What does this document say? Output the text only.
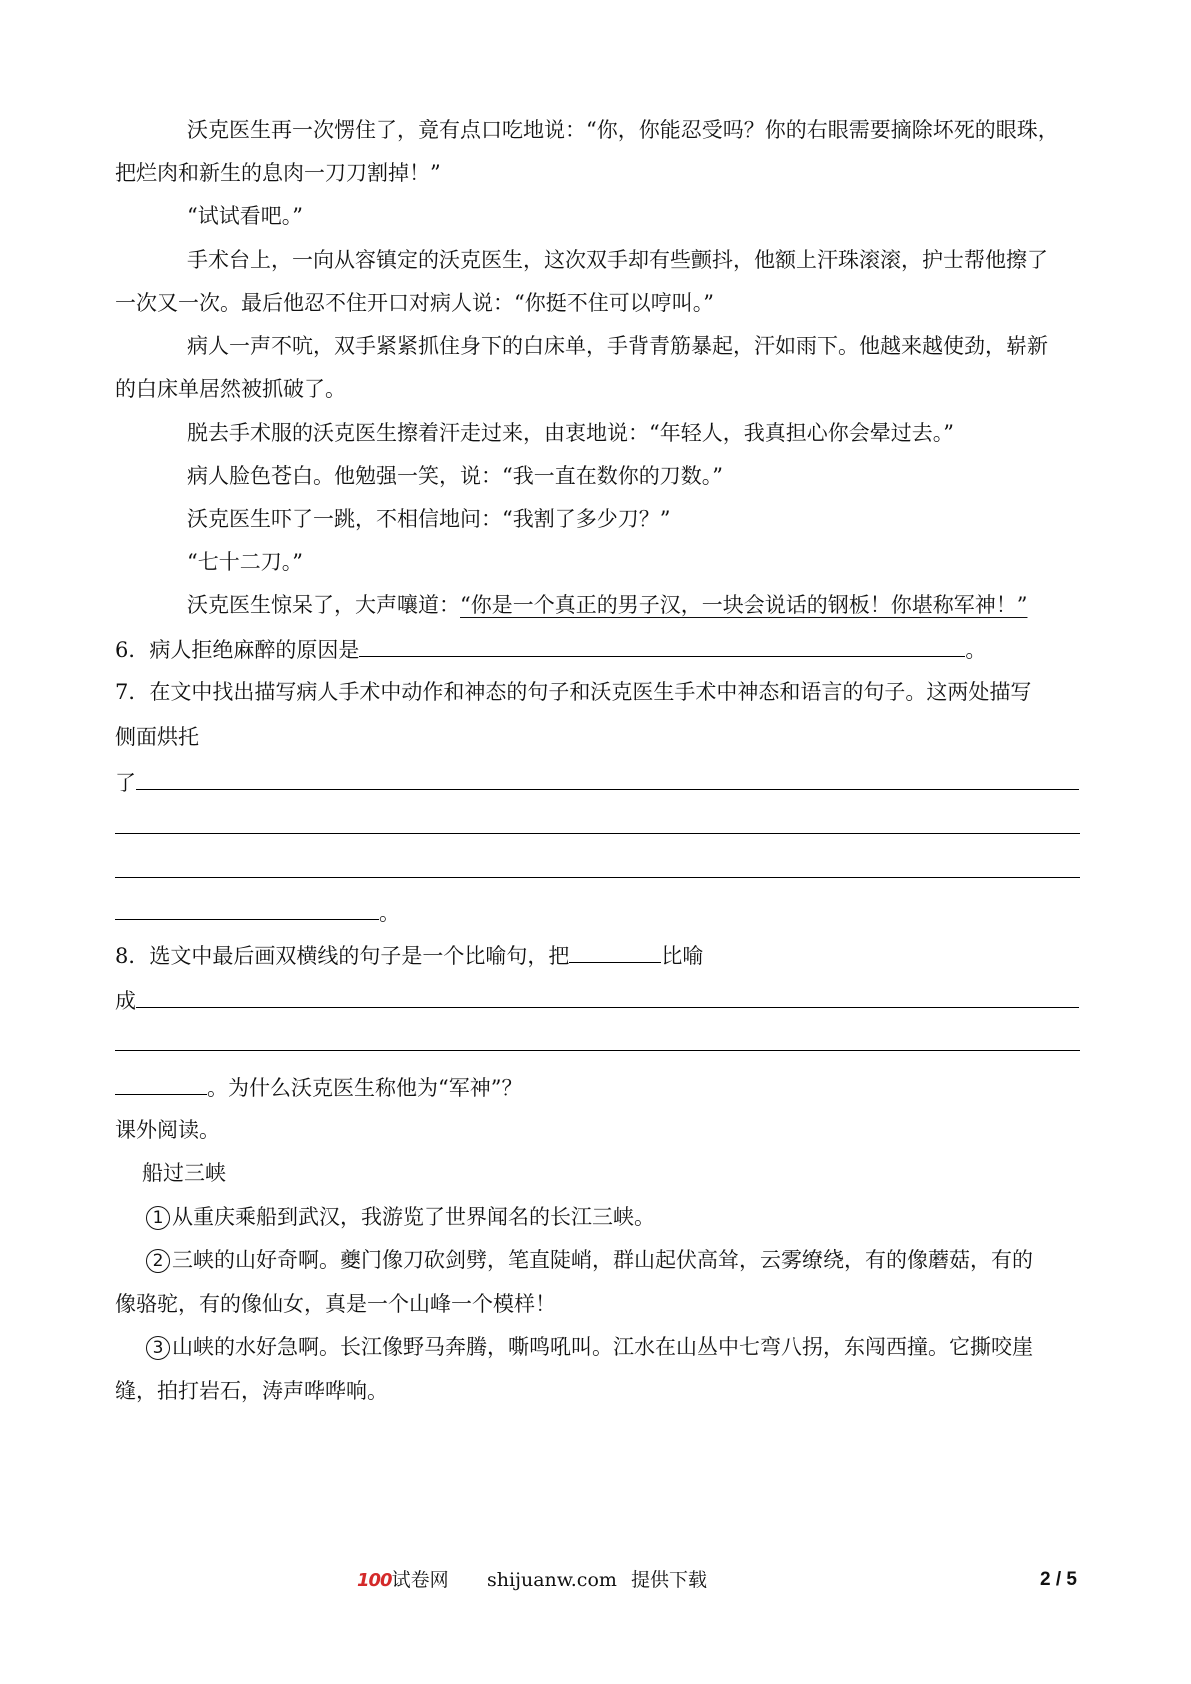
沃克医生再一次愣住了，竟有点口吃地说：“你，你能忍受吗？你的右眼需要摘除坏死的眼珠，
把烂肉和新生的息肉一刀刀割掉！”
“试试看吧。”
手术台上，一向从容镇定的沃克医生，这次双手却有些颤抖，他额上汗珠滚滚，护士帮他擦了
一次又一次。最后他忍不住开口对病人说：“你挺不住可以哼叫。”
病人一声不吭，双手紧紧抓住身下的白床单，手背青筋暴起，汗如雨下。他越来越使劲，崭新
的白床单居然被抓破了。
脱去手术服的沃克医生擦着汗走过来，由衷地说：“年轻人，我真担心你会晕过去。”
病人脸色苍白。他勉强一笑，说：“我一直在数你的刀数。”
沃克医生吓了一跳，不相信地问：“我割了多少刀？”
“七十二刀。”
沃克医生惊呆了，大声嚷道：“你是一个真正的男子汉，一块会说话的钢板！你堪称军神！”
6．病人拒绝麻醉的原因是	。
7．在文中找出描写病人手术中动作和神态的句子和沃克医生手术中神态和语言的句子。这两处描写
侧面烘托
了
。
8．选文中最后画双横线的句子是一个比喻句，把	比喻
成
。为什么沃克医生称他为“军神”？
课外阅读。
船过三峡
1 从重庆乘船到武汉，我游览了世界闻名的长江三峡。
2 三峡的山好奇啊。夔门像刀砍剑劈，笔直陡峭，群山起伏高耸，云雾缭绕，有的像蘑菇，有的
像骆驼，有的像仙女，真是一个山峰一个模样！
3 山峡的水好急啊。长江像野马奔腾，嘶鸣吼叫。江水在山丛中七弯八拐，东闯西撞。它撕咬崖
缝，拍打岩石，涛声哗哗响。
100试卷网 shijuanw.com 提供下载	2 / 5
